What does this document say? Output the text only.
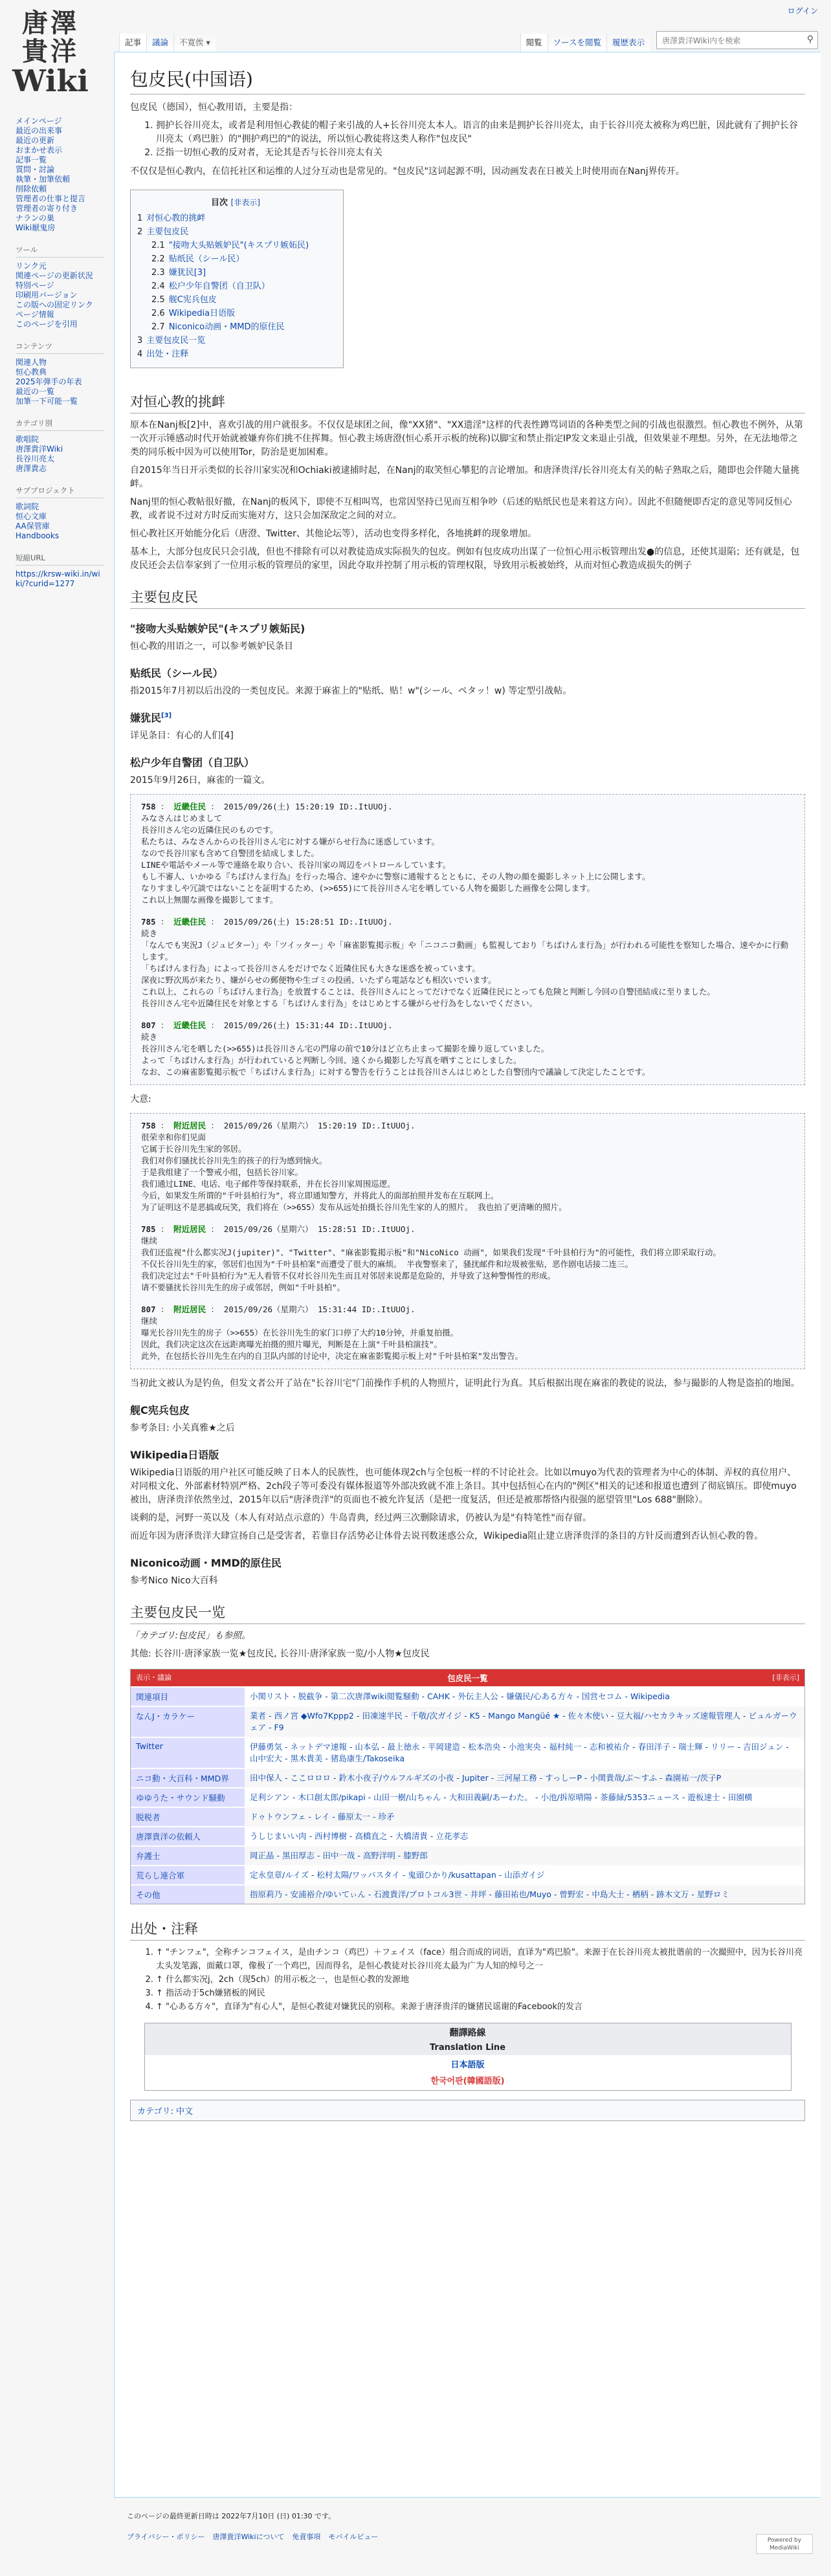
ログイン
唐澤
貴洋
Wiki
メインページ
最近の出来事
最近の更新
おまかせ表示
記事一覧
質問・討論
執筆・加筆依頼
削除依頼
管理者の仕事と提言
管理者の寄り付き
ナランの巣
Wiki厭鬼房
ツール
リンク元
関連ページの更新状況
特別ページ
印刷用バージョン
この版への固定リンク
ページ情報
このページを引用
コンテンツ
関連人物
恒心教典
2025年弾手の年表
最近の一覧
加筆一下可能一覧
カテゴリ別
歌唱院
唐澤貴洋Wiki
長谷川亮太
唐澤貴志
サブプロジェクト
歌詞院
恒心文庫
AA保管庫
Handbooks
短縮URL
https://krsw-wiki.in/wiki/?curid=1277
記事	議論	不寛俟 ▾	閲覧	ソースを閲覧	履歴表示	唐澤貴洋Wiki内を検索	⚲
包皮民(中国语)

包皮民（德国），恒心教用语，主要是指：

1. 拥护长谷川亮太，或者是利用恒心教徒的帽子来引战的人+长谷川亮太本人。语言的由来是拥护长谷川亮太，由于长谷川亮太被称为鸡巴脏，因此就有了拥护长谷川亮太（鸡巴脏）的"拥护鸡巴的"的说法，所以恒心教徒将这类人称作"包皮民"
2. 泛指一切恒心教的反对者，无论其是否与长谷川亮太有关

不仅仅是恒心教内，在信托社区和运维的人过分互动也是常见的。"包皮民"这词起源不明，因动画发表在日被关上时使用而在Nanj界传开。

目次 [非表示]
1 对恒心教的挑衅
2 主要包皮民
2.1 "接吻大头贴嫉妒民"(キスプリ嫉妬民)
2.2 贴纸民（シール民）
2.3 嫌犹民[3]
2.4 松户少年自警团（自卫队）
2.5 舰C宪兵包皮
2.6 Wikipedia日语版
2.7 Niconico动画・MMD的原住民
3 主要包皮民一览
4 出处・注释
对恒心教的挑衅

原本在Nanj板[2]中，喜欢引战的用户就很多。不仅仅是球团之间，像"XX猪"、"XX遗淫"这样的代表性蹲骂词语的各种类型之间的引战也很激烈。恒心教也不例外，从第一次开示锤感动时代开始就被嫌弃你们挑不住挥舞。恒心教主场唐澄(恒心系开示板的统称)以脚宝和禁止指定IP发文来退止引战，但效果並不理想。另外，在无法地带之类的同乐板中因为可以使用Tor，防治是更加困难。

自2015年当日开示类似的长谷川家实况和Ochiaki被逮捕时起，在Nanj的取笑恒心攀犯的言论增加。和唐泽贵洋/长谷川亮太有关的帖子熟取之后，随即也会伴随大量挑衅。

Nanj里的恒心教帖很好撤，在Nanj的板风下，即使不互相叫骂，也常因坚持已见而互相争吵（后述的贴纸民也是来着这方向）。因此不但随便即否定的意见等同反恒心教，或者说不过对方时反而实施对方，这只会加深敌定之间的对立。

恒心教社区开始能分化后（唐澄、Twitter、其他论坛等），活动也变得多样化，各地挑衅的现象增加。

基本上，大部分包皮民只会引战，但也不排除有可以对教徒造成实际损失的包皮。例如有包皮成功出谋了一位恒心用示板管理出发●的信息，还使其退陷；还有就是，包皮民还会去信奉家到了一位用示板的管理员的家里，因此夺取并控制了用示板的管理权限，导致用示板被始终，从而对恒心教造成损失的例子

主要包皮民
"接吻大头贴嫉妒民"(キスプリ嫉妬民)

恒心教的用语之一，可以参考嫉妒民条目

贴纸民（シール民）

指2015年7月初以后出没的一类包皮民。来源于麻雀上的"贴纸、贴！w"(シール、ペタッ！w) 等定型引战帖。

嫌犹民[3]

详见条目：有心的人们[4]

松户少年自警团（自卫队）

2015年9月26日，麻雀的一篇文。

758 ： 近畿住民 ： 2015/09/26(土) 15:20:19 ID:.ItUUOj.
みなさんはじめまして
長谷川さん宅の近隣住民のものです。
私たちは、みなさんからの長谷川さん宅に対する嫌がらせ行為に迷惑しています。
なので長谷川家も含めて自警団を結成しました。
LINEや電話やメール等で連絡を取り合い、長谷川家の周辺をパトロールしています。
もし不審人、いかゆる『ちばけんま行為』を行った場合、速やかに警察に通報するとともに、その人物の顔を撮影しネット上に公開します。
なりすましや冗談ではないことを証明するため、(>>655)にて長谷川さん宅を晒している人物を撮影した画像を公開します。
これ以上無闇な画像を撮影してます。
785 ： 近畿住民 ： 2015/09/26(土) 15:28:51 ID:.ItUUOj.
続き
「なんでも実況J（ジュピター）」や「ツイッター」や「麻雀影覧掲示板」や「ニコニコ動画」も監視しており「ちばけんま行為」が行われる可能性を察知した場合、速やかに行動します。
「ちばけんま行為」によって長谷川さんをだけでなく近隣住民も大きな迷惑を被っています。
深夜に野次馬が来たり、嫌がらせの郵便物や生ゴミの投函、いたずら電話なども相次いでいます。
これ以上、これらの「ちばけんま行為」を放置することは、長谷川さんにとってだけでなく近隣住民にとっても危険と判断し今回の自警団結成に至りました。
長谷川さん宅や近隣住民を対象とする「ちばけんま行為」をはじめとする嫌がらせ行為をしないでください。
807 ： 近畿住民 ： 2015/09/26(土) 15:31:44 ID:.ItUUOj.
続き
長谷川さん宅を晒した(>>655)は長谷川さん宅の門扉の前で10分ほど立ち止まって撮影を繰り返していました。
よって「ちばけんま行為」が行われていると判断し今回、遠くから撮影した写真を晒すことにしました。
なお、この麻雀影覧掲示板で「ちばけんま行為」に対する警告を行うことは長谷川さんはじめとした自警団内で議論して決定したことです。

大意:

758 ： 附近居民 ： 2015/09/26（星期六） 15:20:19 ID:.ItUUOj.
很荣幸和你们见面
它属于长谷川先生家的邻居。
我们对你们骚扰长谷川先生的孩子的行为感到恼火。
于是我组建了一个警戒小组，包括长谷川家。
我们通过LINE、电话、电子邮件等保持联系，并在长谷川家周围巡逻。
今后，如果发生所谓的"千叶县柏行为"，将立即通知警方，并将此人的面部拍照并发布在互联网上。
为了证明这不是恶搞或玩笑，我们将在（>>655）发布从远处拍摄长谷川先生家的人的照片。 我也拍了更清晰的照片。
785 ： 附近居民 ： 2015/09/26（星期六） 15:28:51 ID:.ItUUOj.
继续
我们还监视"什么都实况J(jupiter)"、"Twitter"、"麻雀影覧掲示板"和"NicoNico 动画"，如果我们发现"千叶县柏行为"的可能性，我们将立即采取行动。
不仅长谷川先生的家，邻居们也因为"千叶县柏案"而遭受了很大的麻烦。 半夜警察来了，骚扰邮件和垃圾被张贴，恶作剧电话接二连三。
我们决定过去"千叶县柏行为"无人看管不仅对长谷川先生而且对邻居来说都是危险的，并导致了这种警惕性的形成。
请不要骚扰长谷川先生的房子或邻居，例如"千叶县柏"。
807 ： 附近居民 ： 2015/09/26（星期六） 15:31:44 ID:.ItUUOj.
继续
曝光长谷川先生的房子（>>655）在长谷川先生的家门口停了大约10分钟，并重复拍摄。
因此，我们决定这次在远距离曝光拍摄的照片曝光，判断是在上演"千叶县柏演技"。
此外，在包括长谷川先生在内的自卫队内部的讨论中，决定在麻雀影覧掲示板上对"千叶县柏案"发出警告。

当初此文被认为是钓鱼，但发文者公开了站在"长谷川宅"门前操作手机的人物照片，证明此行为真。其后根据出现在麻雀的教徒的说法，参与撮影的人物是盗拍的地图。

舰C宪兵包皮

参考条目: 小关真雅★之后

Wikipedia日语版

Wikipedia日语版的用户社区可能反映了日本人的民族性，也可能体现2ch与全包板一样的不讨论社会。比如以muyo为代表的管理者为中心的体制、弄权的真位用户、对同根文化、外部素材特别严格、2ch段子等可委没有媒体报道等外部决致就不准上条目。其中包括恒心在内的"例区"相关的记述和报道也遭到了彻底镇压。即使muyo被出，唐泽贵洋依然坐过，2015年以后"唐泽贵洋"的页面也不被允许复活（是把一度复活，但还是被那帮恪内很强的愿望管里"Los 688"删除）。

谈剩的是，河野一英以及（本人有对站点示意的）牛岛青典，经过两三次删除请求，仍被认为是"有特笔性"而存留。

而近年因为唐泽贵洋大肆宣扬自己是受害者，若靠目存活势必让体骨去说刊数迷惑公众，Wikipedia阻止建立唐泽贵洋的条目的方针反而遭到否认恒心教的鲁。

Niconico动画・MMD的原住民

参考Nico Nico大百科

主要包皮民一览

「カテゴリ:包皮民」も参照。

其他: 长谷川·唐泽家族一览★包皮民, 长谷川·唐泽家族一览/小人物★包皮民

表示・議論	包皮民一覧	[非表示]
関連項目	小関リスト - 脱截争 - 第二次唐澤wiki閲覧騒動 - CAHK - 外伝主人公 - 嫌儀民/心ある方々 - 国営セコム - Wikipedia
なんJ・カラケー	業者 - 西ノ宮 ◆Wfo7Kppp2 - 田凍速半民 - 千敬/次ガイジ - K5 - Mango Mangüé ★ - 佐々木使い - 豆大福/ハセカラキッズ速報管理人 - ビュルガーウェア - F9
Twitter	伊藤勇気 - ネットデマ速報 - 山本弘 - 最上徳永 - 平岡建造 - 松本浩央 - 小池実央 - 福村純一 - 志和被祐介 - 春田洋子 - 瑞士輝 - リリー - 吉田ジュン - 山中宏大 - 黒木貴美 - 猪島康生/Takoseika
ニコ動・大百科・MMD界	田中保人 - ここロロロ - 鈴木小夜子/ウルフルギズの小夜 - Jupiter - 三河屋工務 - すっしーP - 小関貴哉/ぶ～すふ - 森園祐一/茨子P
ゆゆうた・サウンド騒動	足利シアン - 木口創太郎/pikapi - 山田一樹/山ちゃん - 大和田義嗣/あーわた。 - 小池/拆原晴陽 - 茶藤緑/5353ニュース - 遊板速士 - 田園横
脱税者	ドゥトウンフェ - レイ - 藤原太一 - 珍矛
唐澤貴洋の依頼人	うしじまいい肉 - 西村博樹 - 高橋直之 - 大橋清貴 - 立花孝志
弁護士	岡正晶 - 黒田厚志 - 田中一哉 - 高野洋明 - 膝野郎
荒らし連合軍	定永皇章/ルイズ - 松村太陽/ワッパスタイ - 鬼頭ひかり/kusattapan - 山添ガイジ
その他	指原莉乃 - 安浦裕介/ゆいてぃん - 石渡貴洋/プロトコル3世 - 井坪 - 藤田祐也/Muyo - 曾野宏 - 中島大士 - 栖柄 - 跡木文万 - 星野ロミ
出处・注释
1. ↑ "チンフェ"，全称チンコフェイス，是由チンコ（鸡巴）＋フェイス（face）组合而成的词语，直译为"鸡巴脸"。来源于在长谷川亮太被批谐前的一次撮照中，因为长谷川亮太头发笔露，面戴口罩，像极了一个鸡巴，因而得名，是恒心教徒对长谷川亮太最为广为人知的绰号之一
2. ↑ 什么都实况j，2ch（现5ch）的用示板之一，也是恒心教的发源地
3. ↑ 指活动于5ch嫌猪板的网民
4. ↑ "心ある方々"，直译为"有心人"，是恒心教徒对嫌犹民的别称。来源于唐泽贵洋的嫌猪民谣谢的Facebook的发言
翻譯路線
Translation Line
日本語版
한국어판(韓國語版)
カテゴリ: 中文
このページの最終更新日時は 2022年7月10日 (日) 01:30 です。
プライバシー・ポリシー 唐澤貴洋Wikiについて 免責事項 モバイルビュー	Powered by MediaWiki
